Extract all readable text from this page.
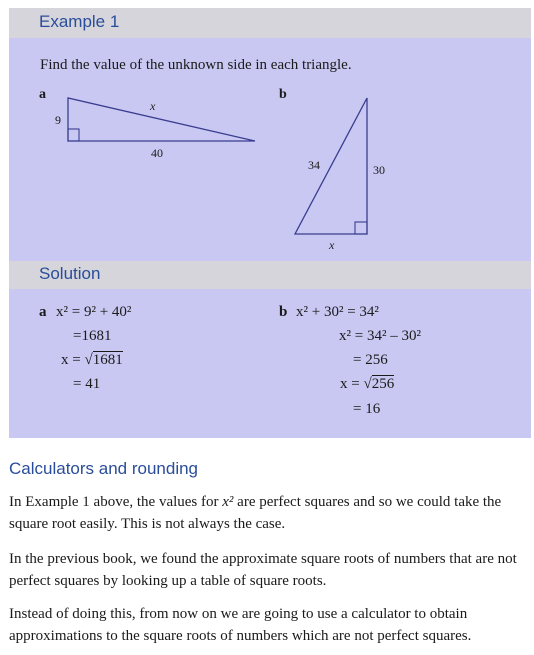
Example 1
Find the value of the unknown side in each triangle.
a	b
9
40
x
34	30
x
Solution
a x² = 9² + 40²
=1681
x = √1681
= 41
b x² + 30² = 34²
x² = 34² – 30²
= 256
x = √256
= 16
Calculators and rounding
In Example 1 above, the values for x² are perfect squares and so we could take the square root easily. This is not always the case.
In the previous book, we found the approximate square roots of numbers that are not perfect squares by looking up a table of square roots.
Instead of doing this, from now on we are going to use a calculator to obtain approximations to the square roots of numbers which are not perfect squares.
